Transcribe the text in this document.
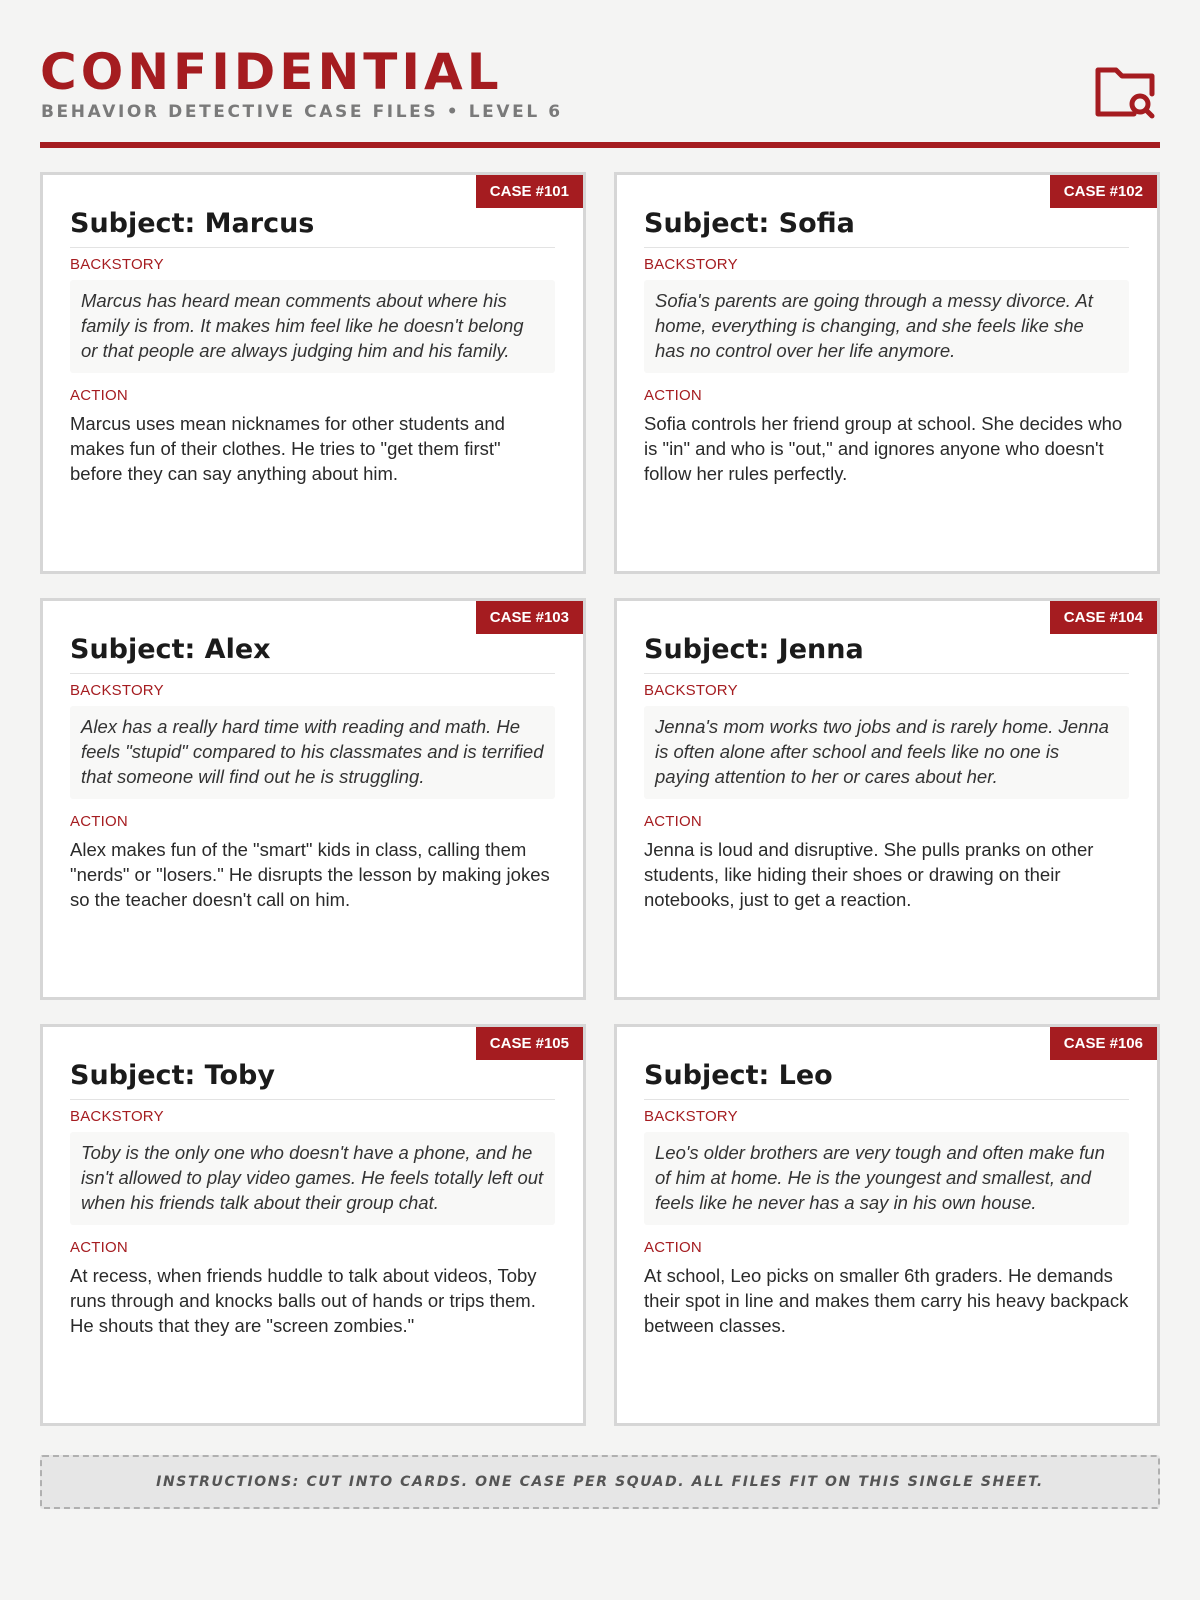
CONFIDENTIAL
BEHAVIOR DETECTIVE CASE FILES • LEVEL 6
CASE #101
Subject: Marcus
BACKSTORY
Marcus has heard mean comments about where his family is from. It makes him feel like he doesn't belong or that people are always judging him and his family.
ACTION
Marcus uses mean nicknames for other students and makes fun of their clothes. He tries to "get them first" before they can say anything about him.
CASE #102
Subject: Sofia
BACKSTORY
Sofia's parents are going through a messy divorce. At home, everything is changing, and she feels like she has no control over her life anymore.
ACTION
Sofia controls her friend group at school. She decides who is "in" and who is "out," and ignores anyone who doesn't follow her rules perfectly.
CASE #103
Subject: Alex
BACKSTORY
Alex has a really hard time with reading and math. He feels "stupid" compared to his classmates and is terrified that someone will find out he is struggling.
ACTION
Alex makes fun of the "smart" kids in class, calling them "nerds" or "losers." He disrupts the lesson by making jokes so the teacher doesn't call on him.
CASE #104
Subject: Jenna
BACKSTORY
Jenna's mom works two jobs and is rarely home. Jenna is often alone after school and feels like no one is paying attention to her or cares about her.
ACTION
Jenna is loud and disruptive. She pulls pranks on other students, like hiding their shoes or drawing on their notebooks, just to get a reaction.
CASE #105
Subject: Toby
BACKSTORY
Toby is the only one who doesn't have a phone, and he isn't allowed to play video games. He feels totally left out when his friends talk about their group chat.
ACTION
At recess, when friends huddle to talk about videos, Toby runs through and knocks balls out of hands or trips them. He shouts that they are "screen zombies."
CASE #106
Subject: Leo
BACKSTORY
Leo's older brothers are very tough and often make fun of him at home. He is the youngest and smallest, and feels like he never has a say in his own house.
ACTION
At school, Leo picks on smaller 6th graders. He demands their spot in line and makes them carry his heavy backpack between classes.
INSTRUCTIONS: CUT INTO CARDS. ONE CASE PER SQUAD. ALL FILES FIT ON THIS SINGLE SHEET.
